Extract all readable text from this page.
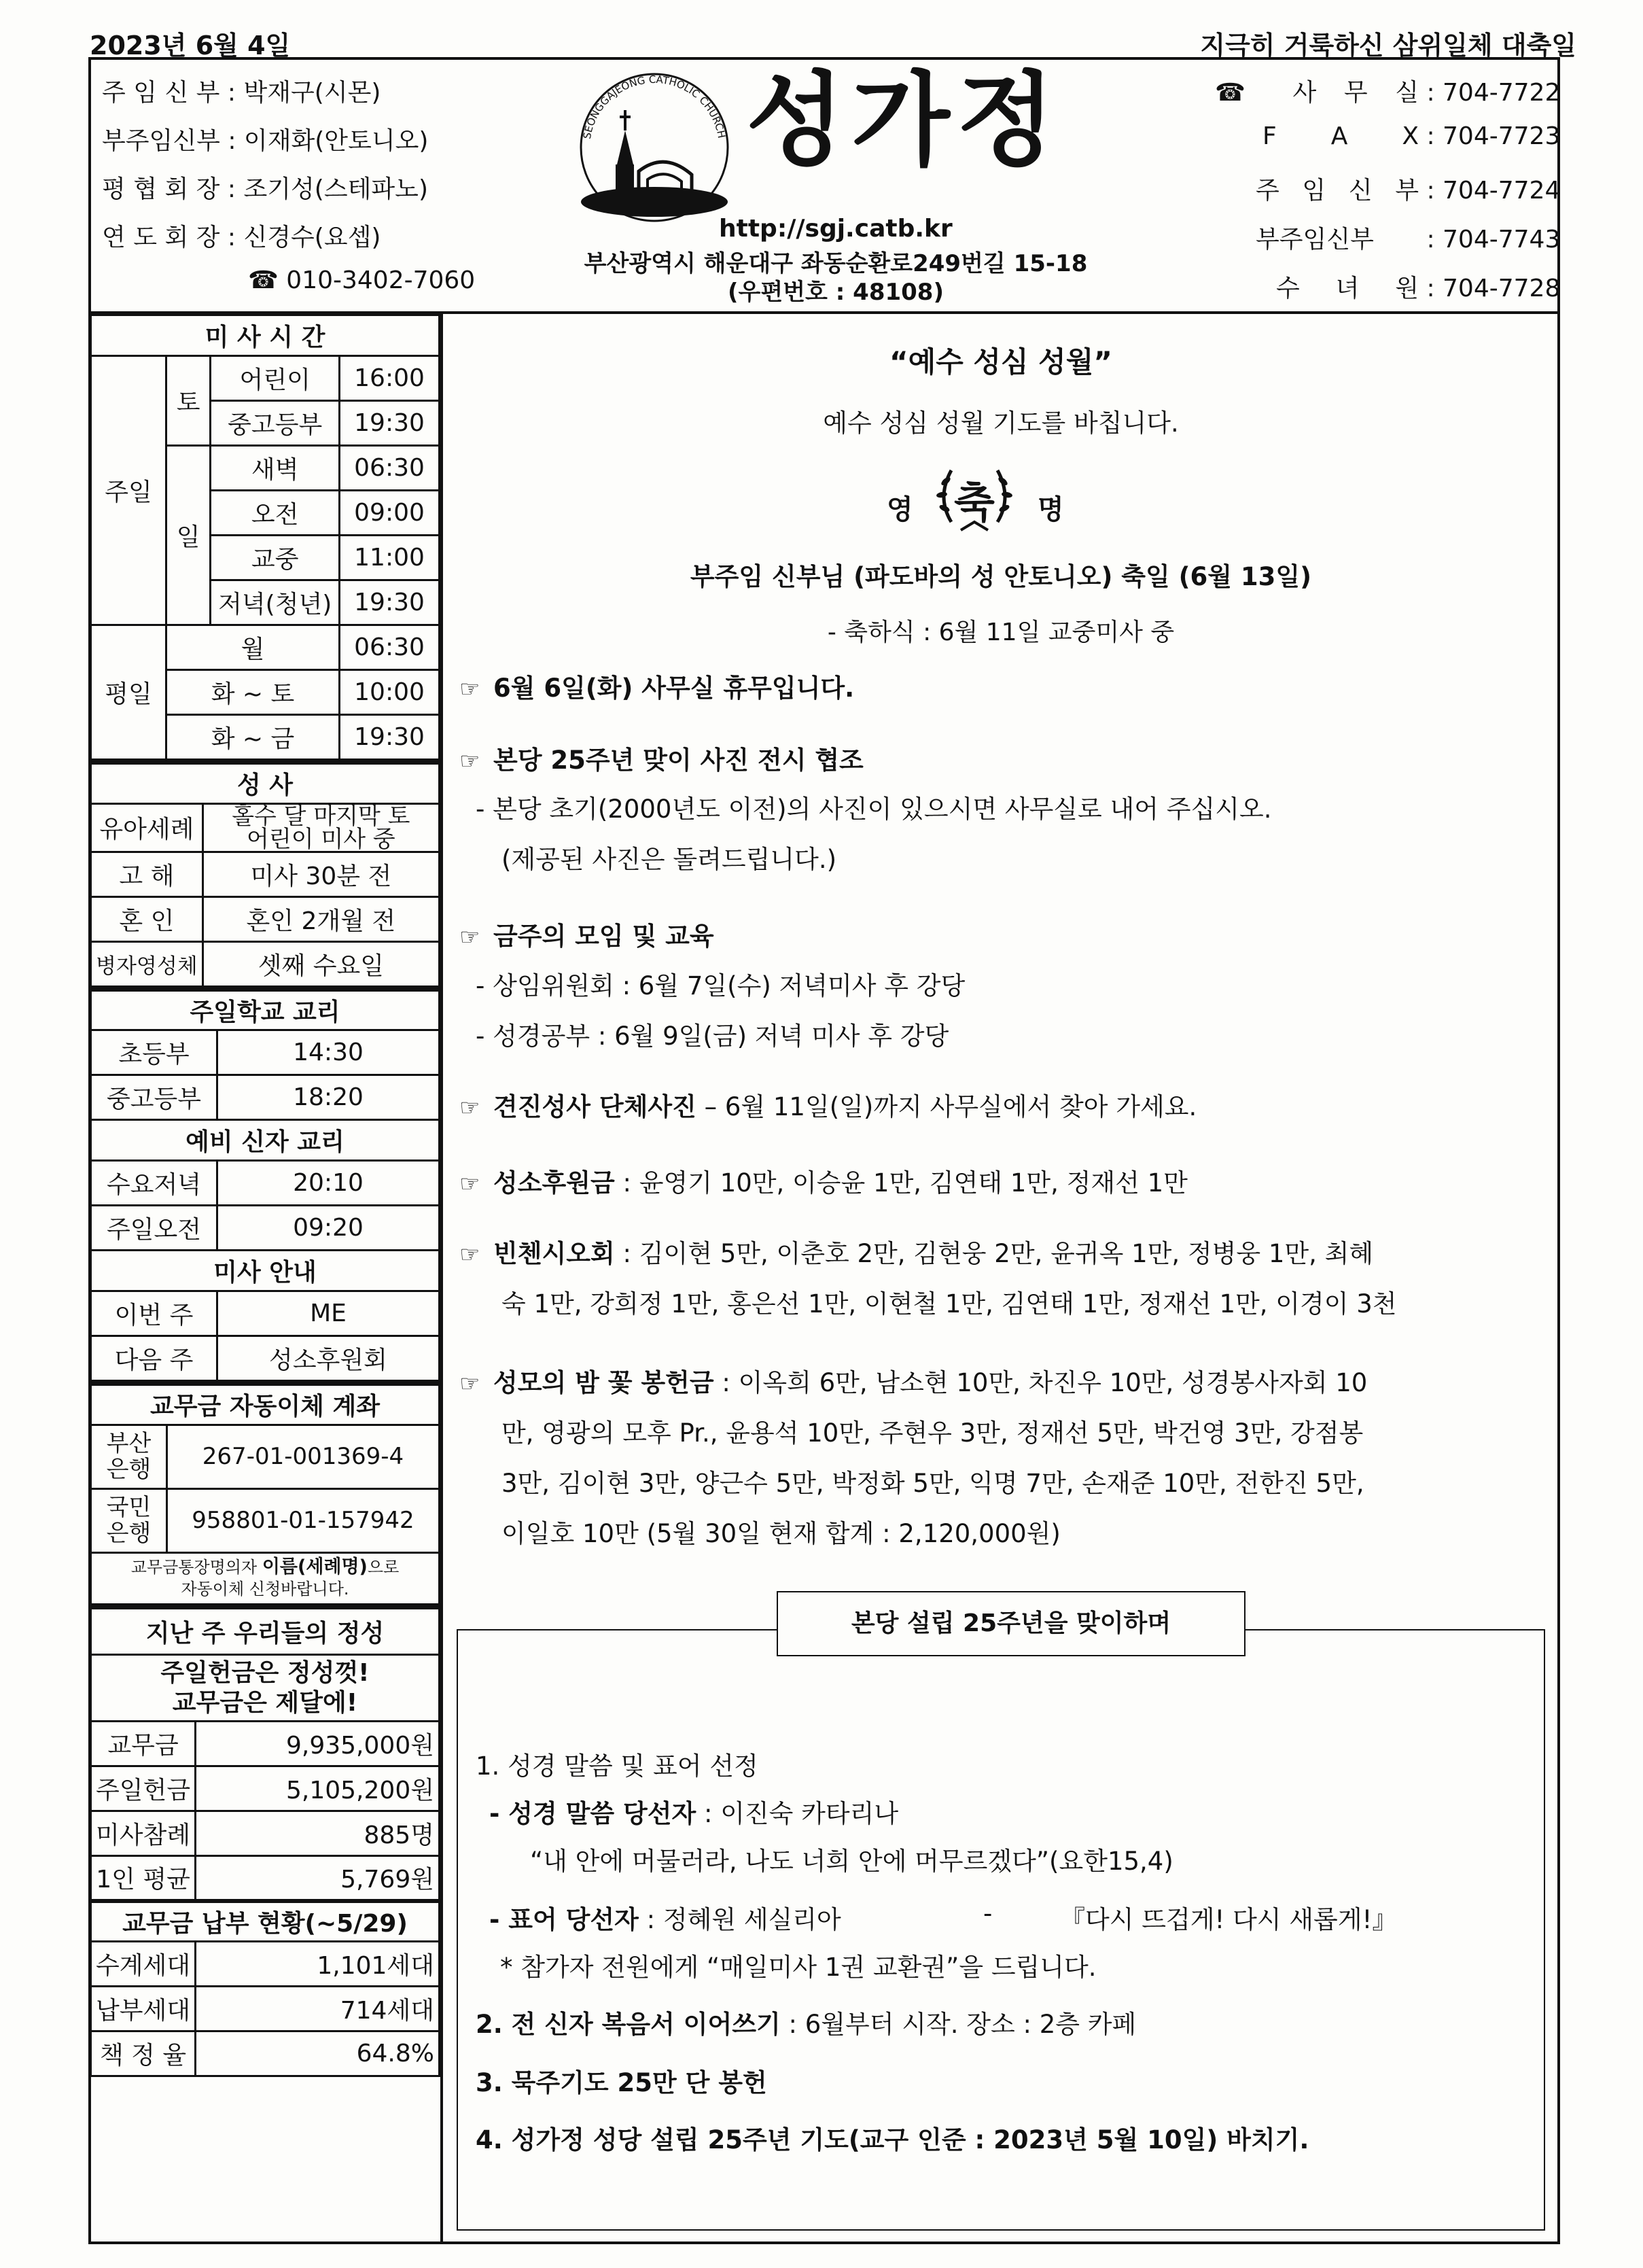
2023년 6월 4일	지극히 거룩하신 삼위일체 대축일
주 임 신 부 : 박재구(시몬)
부주임신부 : 이재화(안토니오)
평 협 회 장 : 조기성(스테파노)
연 도 회 장 : 신경수(요셉)
☎ 010-3402-7060
SEONGGAJEONG CATHOLIC CHURCH 성가정
http://sgj.catb.kr
부산광역시 해운대구 좌동순환로249번길 15-18
(우편번호 : 48108)
☎ 사 무 실 : 704-7722
F A X : 704-7723
주 임 신 부 : 704-7724
부주임신부 : 704-7743
수 녀 원 : 704-7728
미 사 시 간			
주일	토	어린이	16:00
		중고등부	19:30
	일	새벽	06:30
		오전	09:00
		교중	11:00
		저녁(청년)	19:30
평일	월		06:30
	화 ~ 토		10:00
	화 ~ 금		19:30
성 사	
유아세례	홀수 달 마지막 토
어린이 미사 중

고 해	미사 30분 전
혼 인	혼인 2개월 전
병자영성체	셋째 수요일
주일학교 교리	
초등부	14:30
중고등부	18:20
예비 신자 교리	
수요저녁	20:10
주일오전	09:20
미사 안내	
이번 주	ME
다음 주	성소후원회
교무금 자동이체 계좌	
부산
은행	267-01-001369-4
국민
은행	958801-01-157942

교무금통장명의자 이름(세례명)으로
자동이체 신청바랍니다.	
지난 주 우리들의 정성	

주일헌금은 정성껏!
교무금은 제달에!	

교무금	9,935,000원
주일헌금	5,105,200원
미사참례	885명
1인 평균	5,769원
교무금 납부 현황(~5/29)	
수계세대	1,101세대
납부세대	714세대
책 정 율	64.8%
“예수 성심 성월”
예수 성심 성월 기도를 바칩니다.
영 축	명
부주임 신부님 (파도바의 성 안토니오) 축일 (6월 13일)
- 축하식 : 6월 11일 교중미사 중
☞ 6월 6일(화) 사무실 휴무입니다.
☞ 본당 25주년 맞이 사진 전시 협조
- 본당 초기(2000년도 이전)의 사진이 있으시면 사무실로 내어 주십시오.
(제공된 사진은 돌려드립니다.)
☞ 금주의 모임 및 교육
- 상임위원회 : 6월 7일(수) 저녁미사 후 강당
- 성경공부 : 6월 9일(금) 저녁 미사 후 강당
☞ 견진성사 단체사진 – 6월 11일(일)까지 사무실에서 찾아 가세요.
☞ 성소후원금 : 윤영기 10만, 이승윤 1만, 김연태 1만, 정재선 1만
☞ 빈첸시오회 : 김이현 5만, 이춘호 2만, 김현웅 2만, 윤귀옥 1만, 정병웅 1만, 최혜
숙 1만, 강희정 1만, 홍은선 1만, 이현철 1만, 김연태 1만, 정재선 1만, 이경이 3천
☞ 성모의 밤 꽃 봉헌금 : 이옥희 6만, 남소현 10만, 차진우 10만, 성경봉사자회 10
만, 영광의 모후 Pr., 윤용석 10만, 주현우 3만, 정재선 5만, 박건영 3만, 강점봉
3만, 김이현 3만, 양근수 5만, 박정화 5만, 익명 7만, 손재준 10만, 전한진 5만,
이일호 10만 (5월 30일 현재 합계 : 2,120,000원)
본당 설립 25주년을 맞이하며
1. 성경 말씀 및 표어 선정
- 성경 말씀 당선자 : 이진숙 카타리나
“내 안에 머물러라, 나도 너희 안에 머무르겠다”(요한15,4)
- 표어 당선자 : 정혜원 세실리아	-	『다시 뜨겁게! 다시 새롭게!』
* 참가자 전원에게 “매일미사 1권 교환권”을 드립니다.
2. 전 신자 복음서 이어쓰기 : 6월부터 시작. 장소 : 2층 카페
3. 묵주기도 25만 단 봉헌
4. 성가정 성당 설립 25주년 기도(교구 인준 : 2023년 5월 10일) 바치기.
